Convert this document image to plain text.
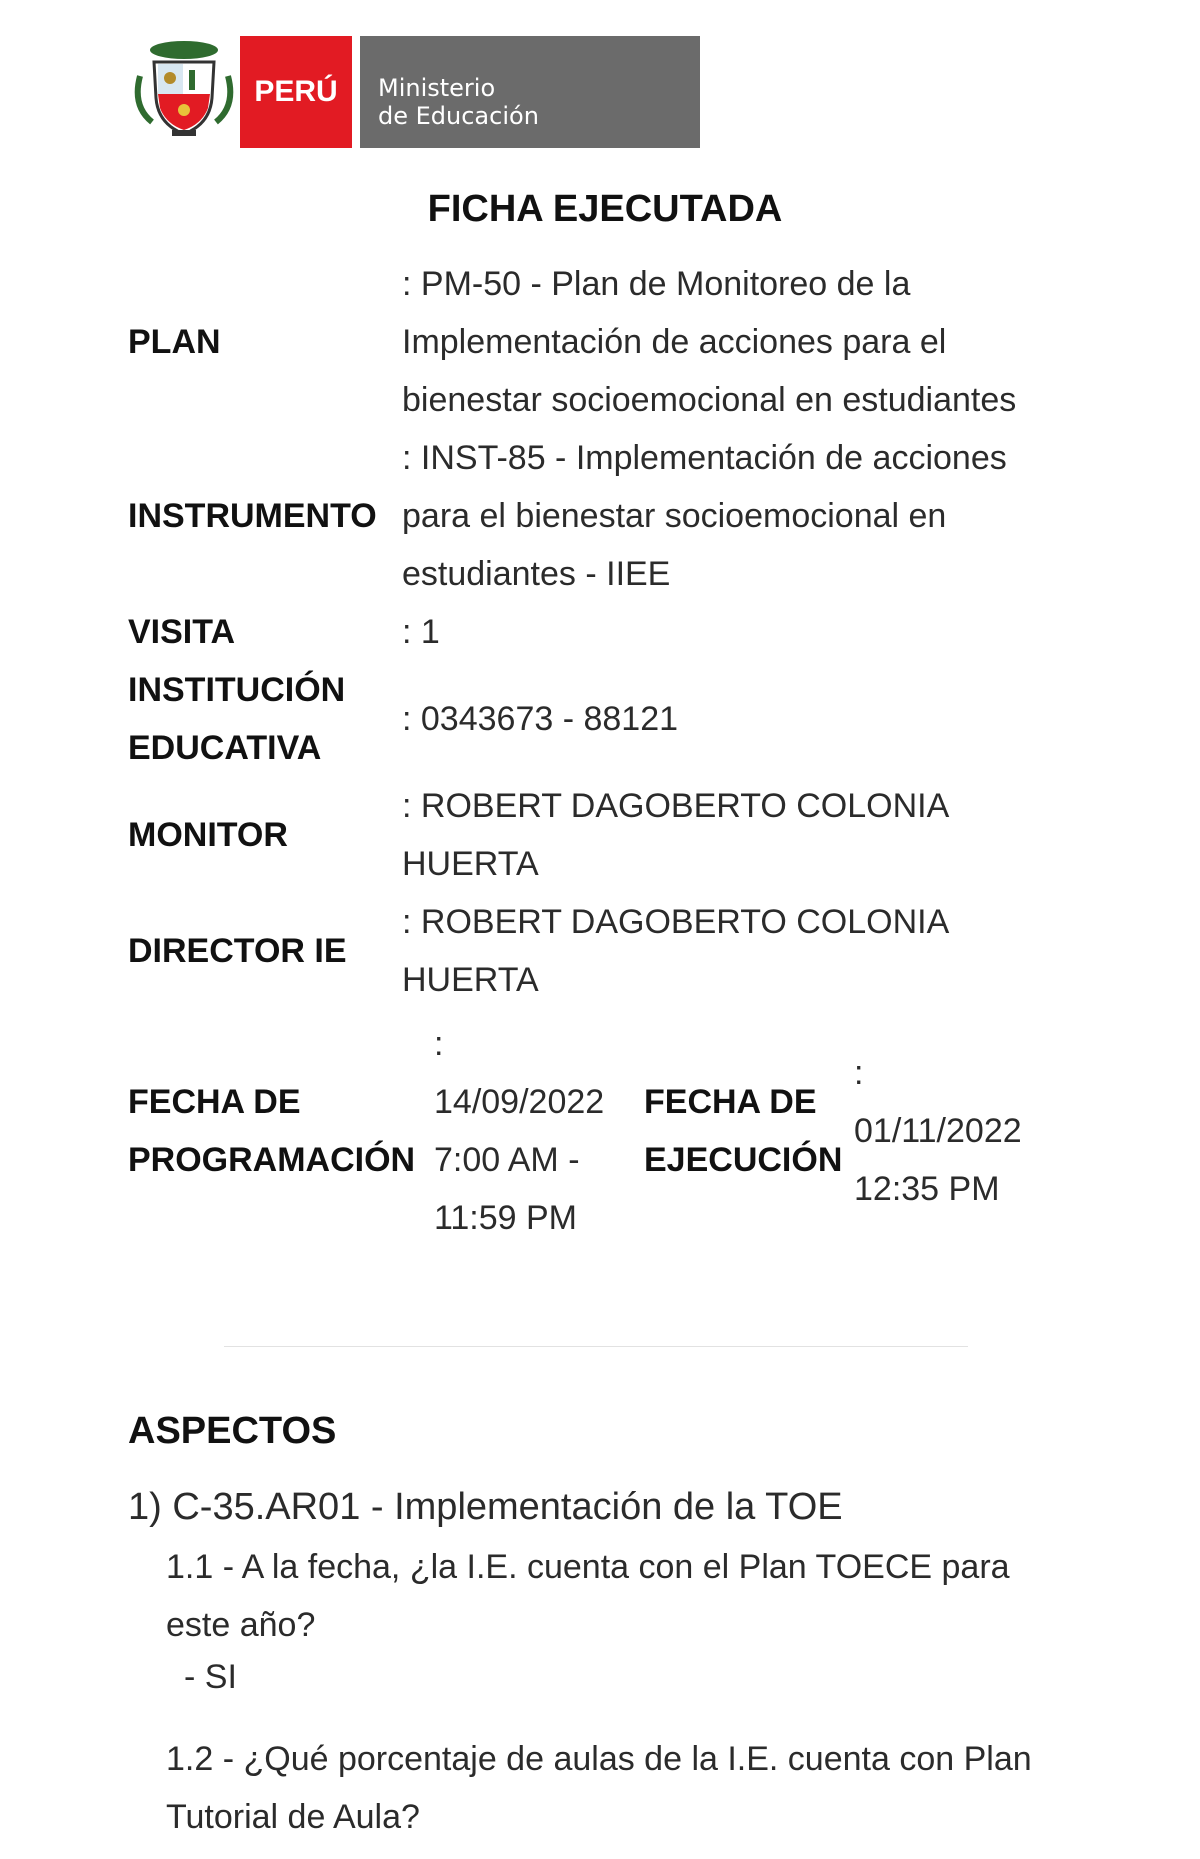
PERÚ	Ministerio
de Educación
FICHA EJECUTADA
PLAN
: PM-50 - Plan de Monitoreo de la Implementación de acciones para el bienestar socioemocional en estudiantes
INSTRUMENTO
: INST-85 - Implementación de acciones para el bienestar socioemocional en estudiantes - IIEE
VISITA	: 1
INSTITUCIÓN EDUCATIVA
: 0343673 - 88121
MONITOR
: ROBERT DAGOBERTO COLONIA HUERTA
DIRECTOR IE
: ROBERT DAGOBERTO COLONIA HUERTA
FECHA DE PROGRAMACIÓN
:
14/09/2022 7:00 AM - 11:59 PM
FECHA DE EJECUCIÓN
:
01/11/2022 12:35 PM
ASPECTOS
1) C-35.AR01 - Implementación de la TOE
1.1 - A la fecha, ¿la I.E. cuenta con el Plan TOECE para este año?
- SI
1.2 - ¿Qué porcentaje de aulas de la I.E. cuenta con Plan Tutorial de Aula?
